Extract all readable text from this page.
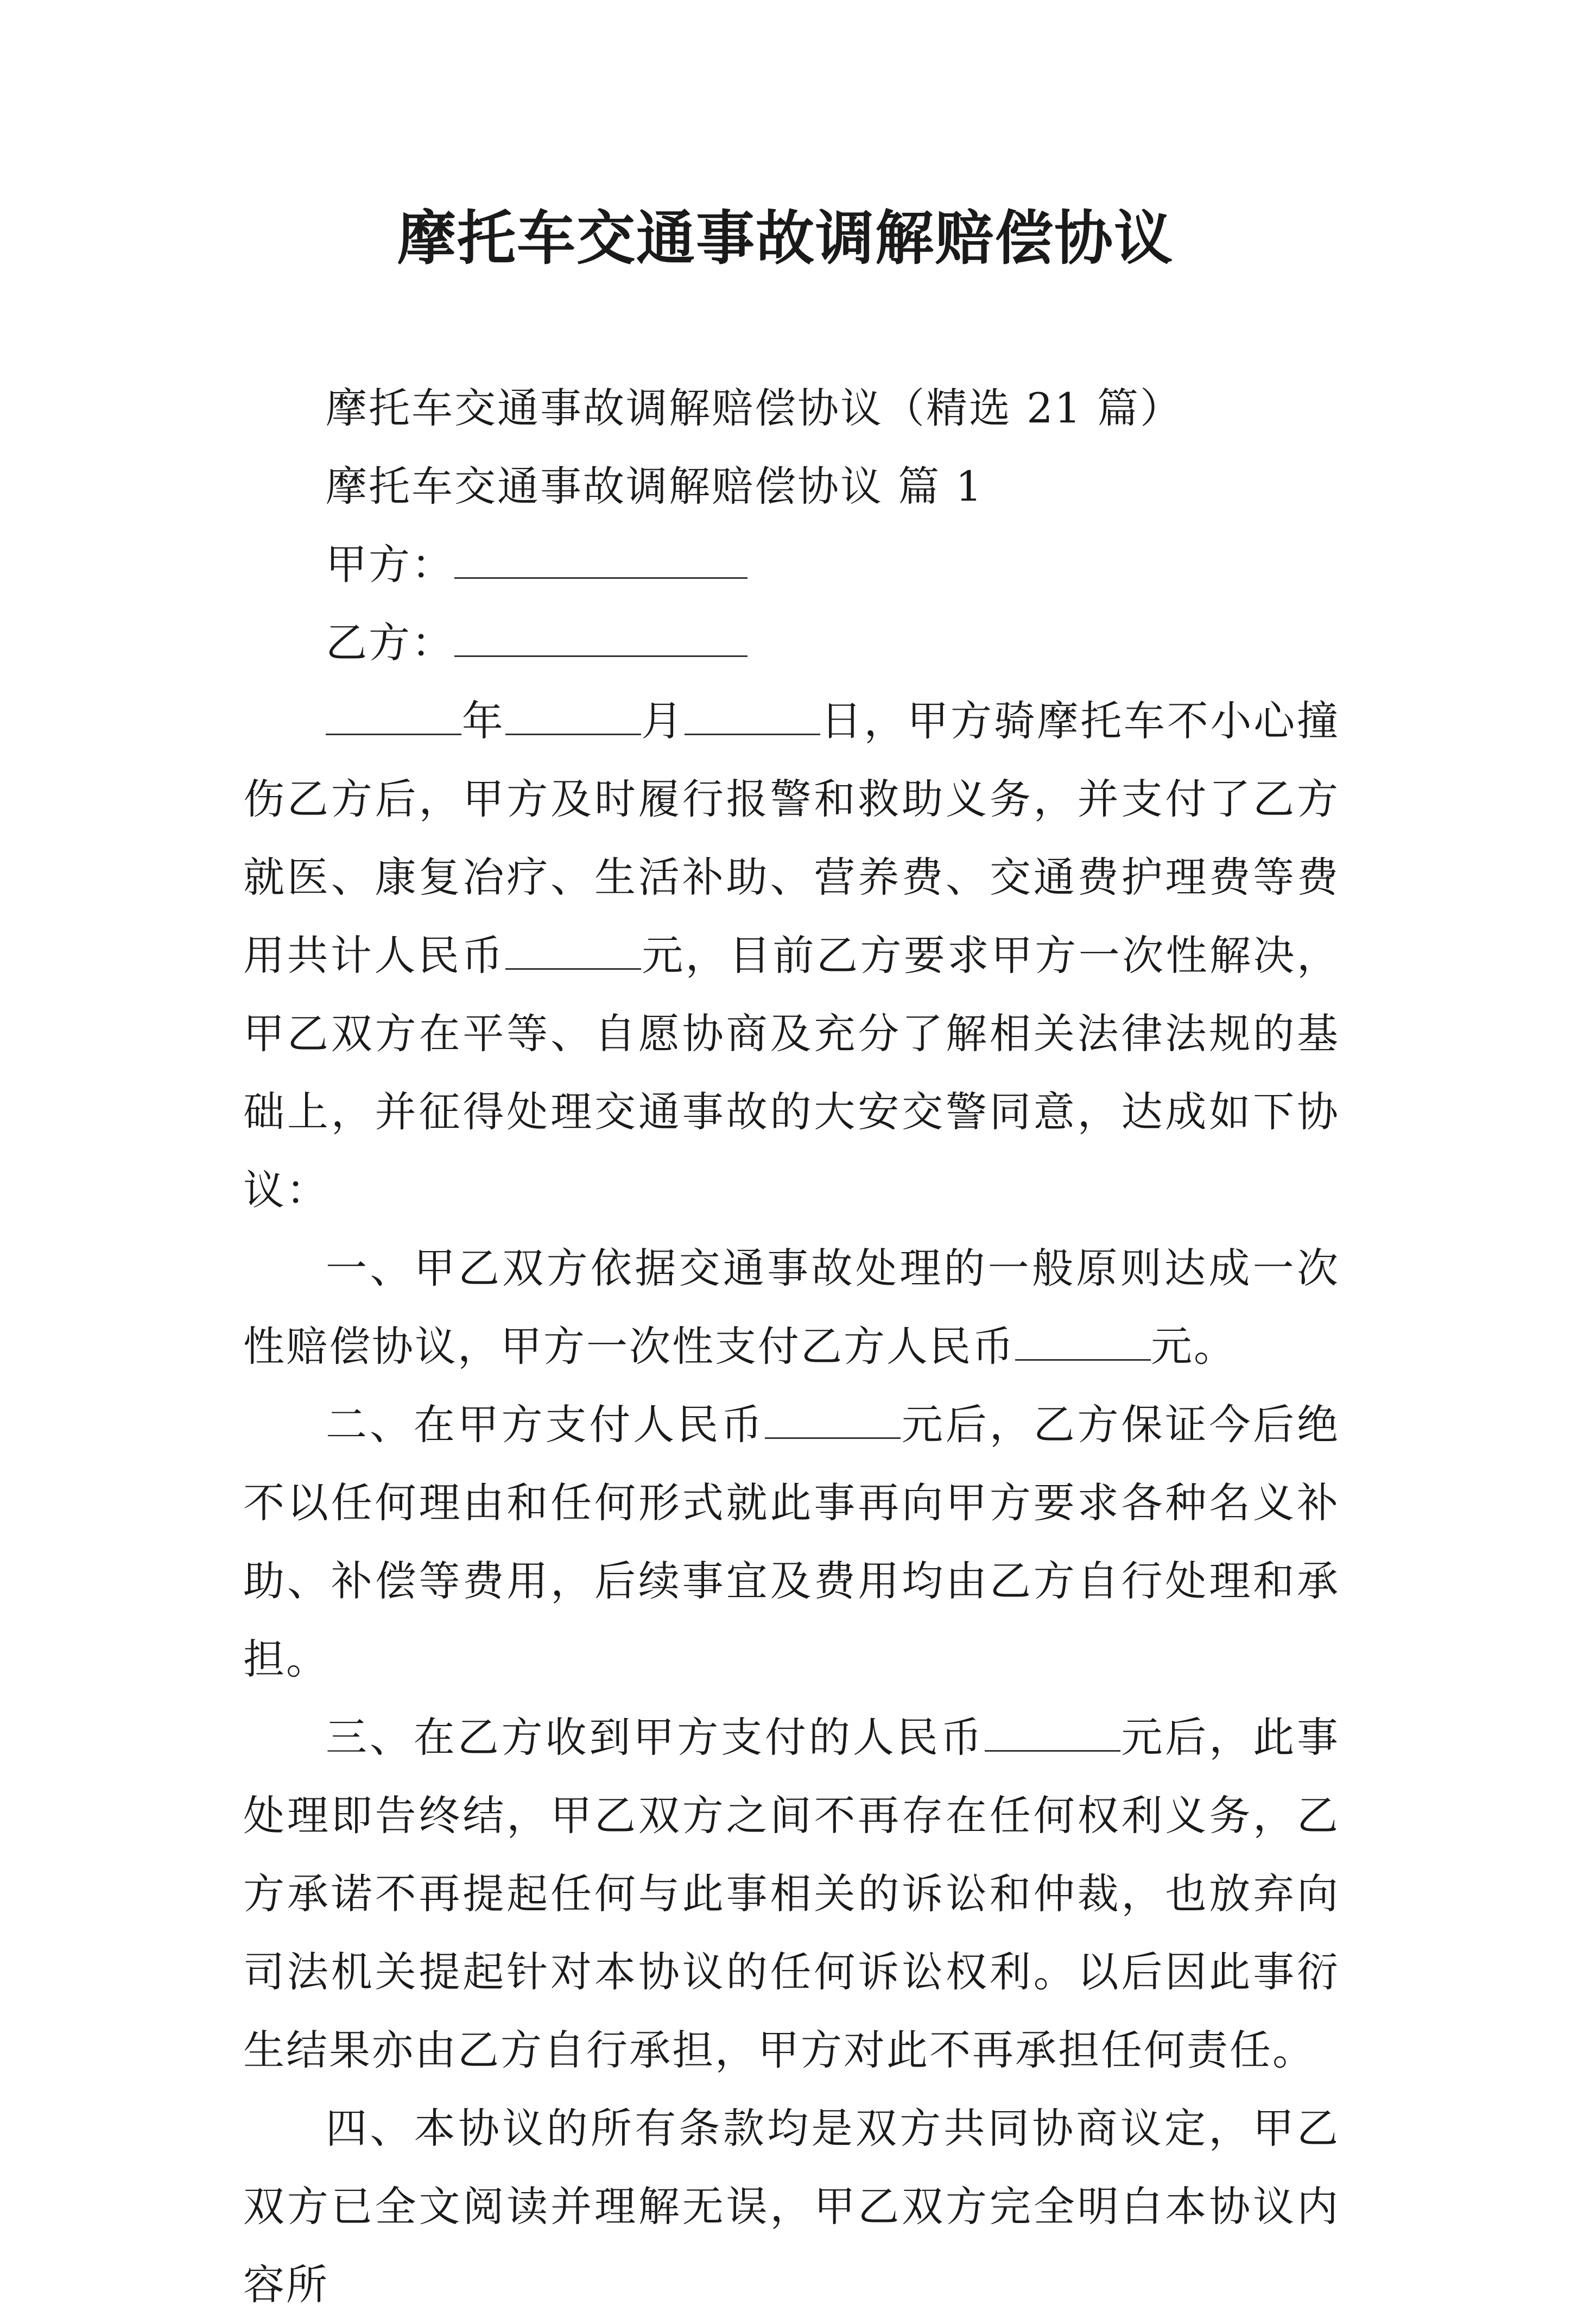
摩托车交通事故调解赔偿协议

摩托车交通事故调解赔偿协议（精选 21 篇）

摩托车交通事故调解赔偿协议 篇 1

甲方：

乙方：

年	月	日，甲方骑摩托车不小心撞伤乙方后，甲方及时履行报警和救助义务，并支付了乙方就医、康复冶疗、生活补助、营养费、交通费护理费等费用共计人民币	元，目前乙方要求甲方一次性解决，甲乙双方在平等、自愿协商及充分了解相关法律法规的基础上，并征得处理交通事故的大安交警同意，达成如下协议：

一、甲乙双方依据交通事故处理的一般原则达成一次性赔偿协议，甲方一次性支付乙方人民币	元。

二、在甲方支付人民币	元后，乙方保证今后绝不以任何理由和任何形式就此事再向甲方要求各种名义补助、补偿等费用，后续事宜及费用均由乙方自行处理和承担。

三、在乙方收到甲方支付的人民币	元后，此事处理即告终结，甲乙双方之间不再存在任何权利义务，乙方承诺不再提起任何与此事相关的诉讼和仲裁，也放弃向司法机关提起针对本协议的任何诉讼权利。以后因此事衍生结果亦由乙方自行承担，甲方对此不再承担任何责任。

四、本协议的所有条款均是双方共同协商议定，甲乙双方已全文阅读并理解无误，甲乙双方完全明白本协议内容所
